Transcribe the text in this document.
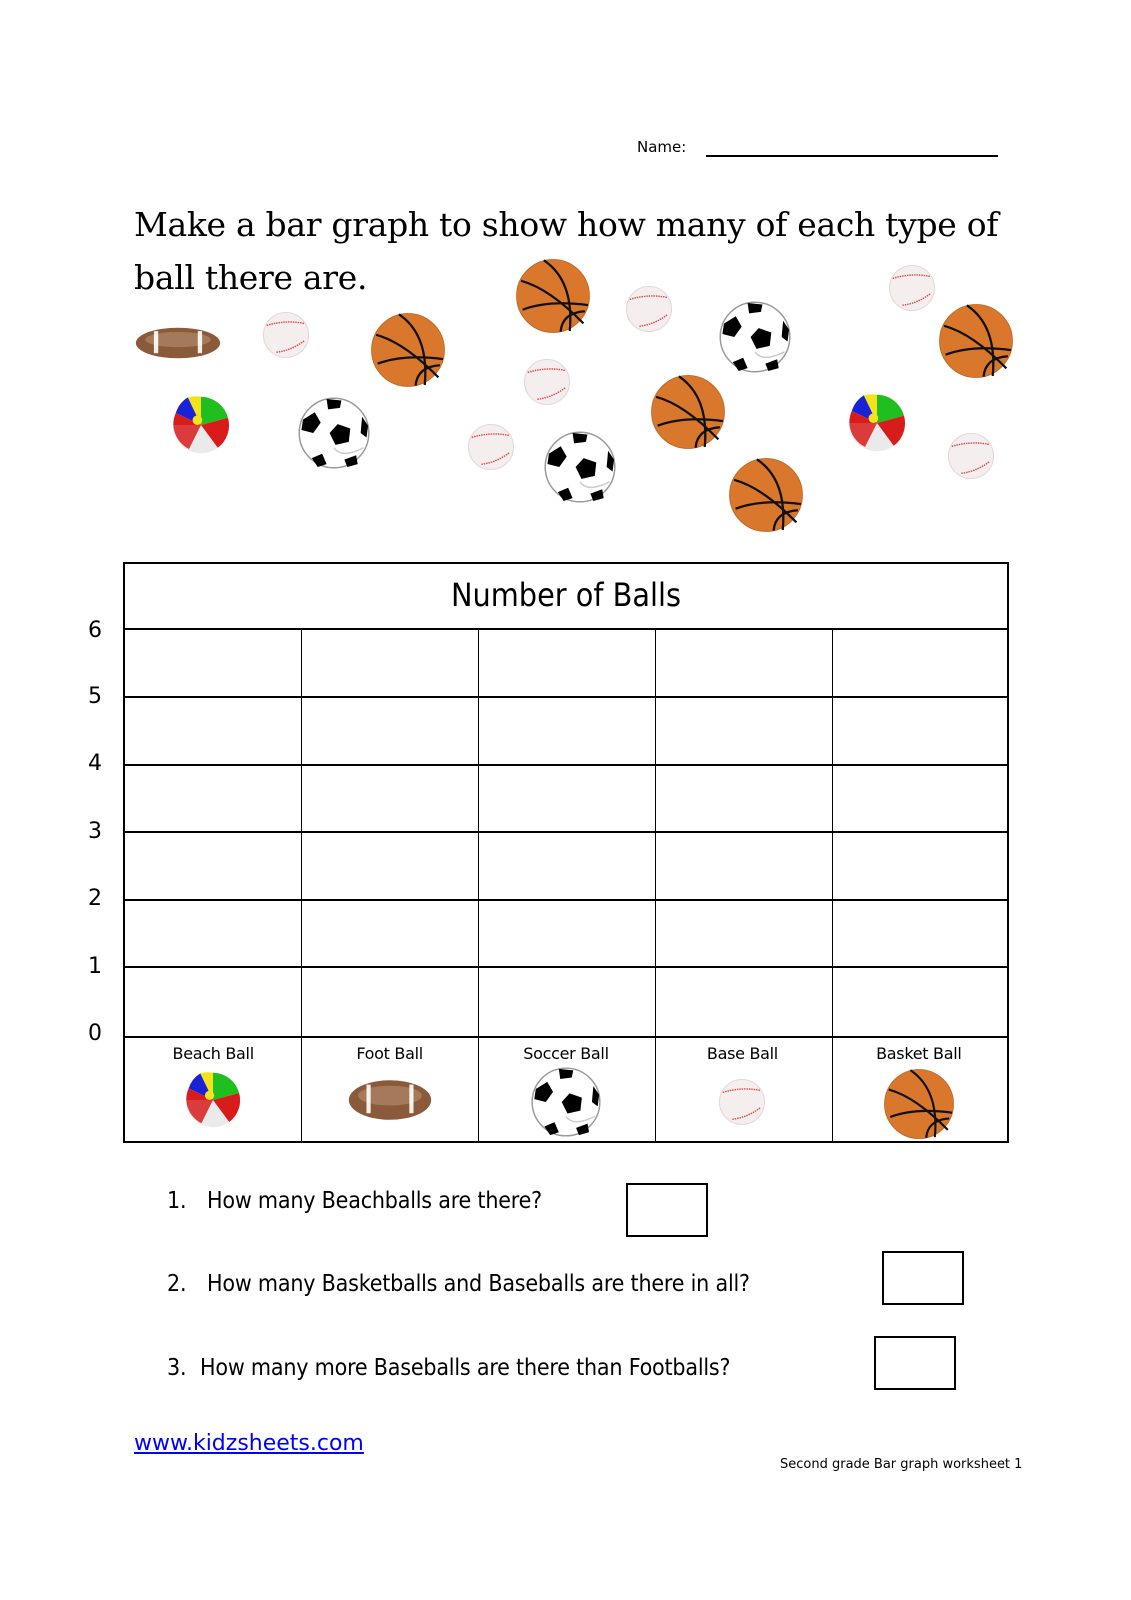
Name:
Make a bar graph to show how many of each type of ball there are.
6
5
4
3
2
1
0
Number of Balls
Beach Ball	Foot Ball	Soccer Ball	Base Ball	Basket Ball
1. How many Beachballs are there?
2. How many Basketballs and Baseballs are there in all?
3. How many more Baseballs are there than Footballs?
www.kidzsheets.com
Second grade Bar graph worksheet 1
